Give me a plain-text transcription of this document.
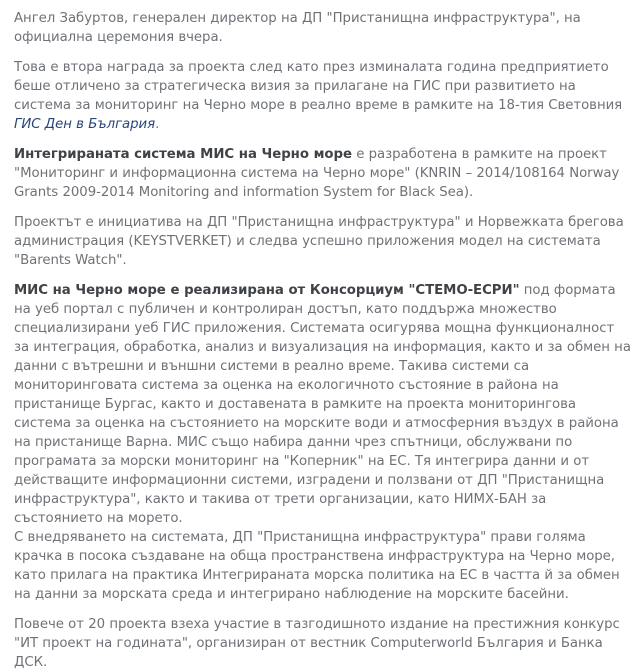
Ангел Забуртов, генерален директор на ДП "Пристанищна инфраструктура", на официална церемония вчера.

Това е втора награда за проекта след като през изминалата година предприятието беше отличено за стратегическа визия за прилагане на ГИС при развитието на система за мониторинг на Черно море в реално време в рамките на 18-тия Световния ГИС Ден в България.

Интегрираната система МИС на Черно море е разработена в рамките на проект "Мониторинг и информационна система на Черно море" (KNRIN – 2014/108164 Norway Grants 2009-2014 Monitoring and information System for Black Sea).

Проектът е инициатива на ДП "Пристанищна инфраструктура" и Норвежката брегова администрация (KEYSTVERKET) и следва успешно приложения модел на системата "Barents Watch".

МИС на Черно море е реализирана от Консорциум "СТЕМО-ЕСРИ" под формата на уеб портал с публичен и контролиран достъп, като поддържа множество специализирани уеб ГИС приложения. Системата осигурява мощна функционалност за интеграция, обработка, анализ и визуализация на информация, както и за обмен на данни с вътрешни и външни системи в реално време. Такива системи са мониторинговата система за оценка на екологичното състояние в района на пристанище Бургас, както и доставената в рамките на проекта мониторингова система за оценка на състоянието на морските води и атмосферния въздух в района на пристанище Варна. МИС също набира данни чрез спътници, обслужвани по програмата за морски мониторинг на "Коперник" на ЕС. Тя интегрира данни и от действащите информационни системи, изградени и ползвани от ДП "Пристанищна инфраструктура", както и такива от трети организации, като НИМХ-БАН за състоянието на морето.
С внедряването на системата, ДП "Пристанищна инфраструктура" прави голяма крачка в посока създаване на обща пространствена инфраструктура на Черно море, като прилага на практика Интегрираната морска политика на ЕС в частта й за обмен на данни за морската среда и интегрирано наблюдение на морските басейни.

Повече от 20 проекта взеха участие в тазгодишното издание на престижния конкурс "ИТ проект на годината", организиран от вестник Computerworld България и Банка ДСК.
